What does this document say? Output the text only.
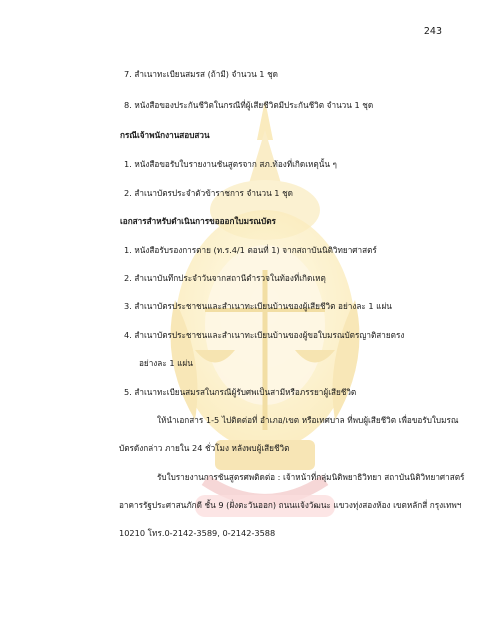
243
7. สำเนาทะเบียนสมรส (ถ้ามี) จำนวน 1 ชุด
8. หนังสือของประกันชีวิตในกรณีที่ผู้เสียชีวิตมีประกันชีวิต จำนวน 1 ชุด
กรณีเจ้าพนักงานสอบสวน
1. หนังสือขอรับใบรายงานชันสูตรจาก สภ.ท้องที่เกิดเหตุนั้น ๆ
2. สำเนาบัตรประจำตัวข้าราชการ จำนวน 1 ชุด
เอกสารสำหรับดำเนินการขอออกใบมรณบัตร
1. หนังสือรับรองการตาย (ท.ร.4/1 ตอนที่ 1) จากสถาบันนิติวิทยาศาสตร์
2. สำเนาบันทึกประจำวันจากสถานีตำรวจในท้องที่เกิดเหตุ
3. สำเนาบัตรประชาชนและสำเนาทะเบียนบ้านของผู้เสียชีวิต อย่างละ 1 แผ่น
4. สำเนาบัตรประชาชนและสำเนาทะเบียนบ้านของผู้ขอใบมรณบัตรญาติสายตรง
อย่างละ 1 แผ่น
5. สำเนาทะเบียนสมรสในกรณีผู้รับศพเป็นสามีหรือภรรยาผู้เสียชีวิต
ให้นำเอกสาร 1-5 ไปติดต่อที่ อำเภอ/เขต หรือเทศบาล ที่พบผู้เสียชีวิต เพื่อขอรับใบมรณ
บัตรดังกล่าว ภายใน 24 ชั่วโมง หลังพบผู้เสียชีวิต
รับใบรายงานการชันสูตรศพติดต่อ : เจ้าหน้าที่กลุ่มนิติพยาธิวิทยา สถาบันนิติวิทยาศาสตร์
อาคารรัฐประศาสนภักดี ชั้น 9 (ฝั่งตะวันออก) ถนนแจ้งวัฒนะ แขวงทุ่งสองห้อง เขตหลักสี่ กรุงเทพฯ
10210 โทร.0-2142-3589, 0-2142-3588
